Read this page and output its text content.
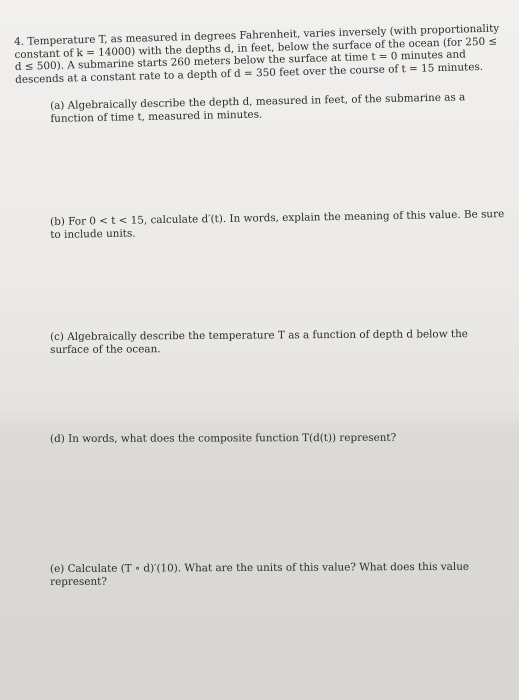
4. Temperature T, as measured in degrees Fahrenheit, varies inversely (with proportionality constant of k = 14000) with the depths d, in feet, below the surface of the ocean (for 250 ≤ d ≤ 500). A submarine starts 260 meters below the surface at time t = 0 minutes and descends at a constant rate to a depth of d = 350 feet over the course of t = 15 minutes.

(a) Algebraically describe the depth d, measured in feet, of the submarine as a function of time t, measured in minutes.

(b) For 0 < t < 15, calculate d′(t). In words, explain the meaning of this value. Be sure to include units.

(c) Algebraically describe the temperature T as a function of depth d below the surface of the ocean.

(d) In words, what does the composite function T(d(t)) represent?

(e) Calculate (T ∘ d)′(10). What are the units of this value? What does this value represent?
